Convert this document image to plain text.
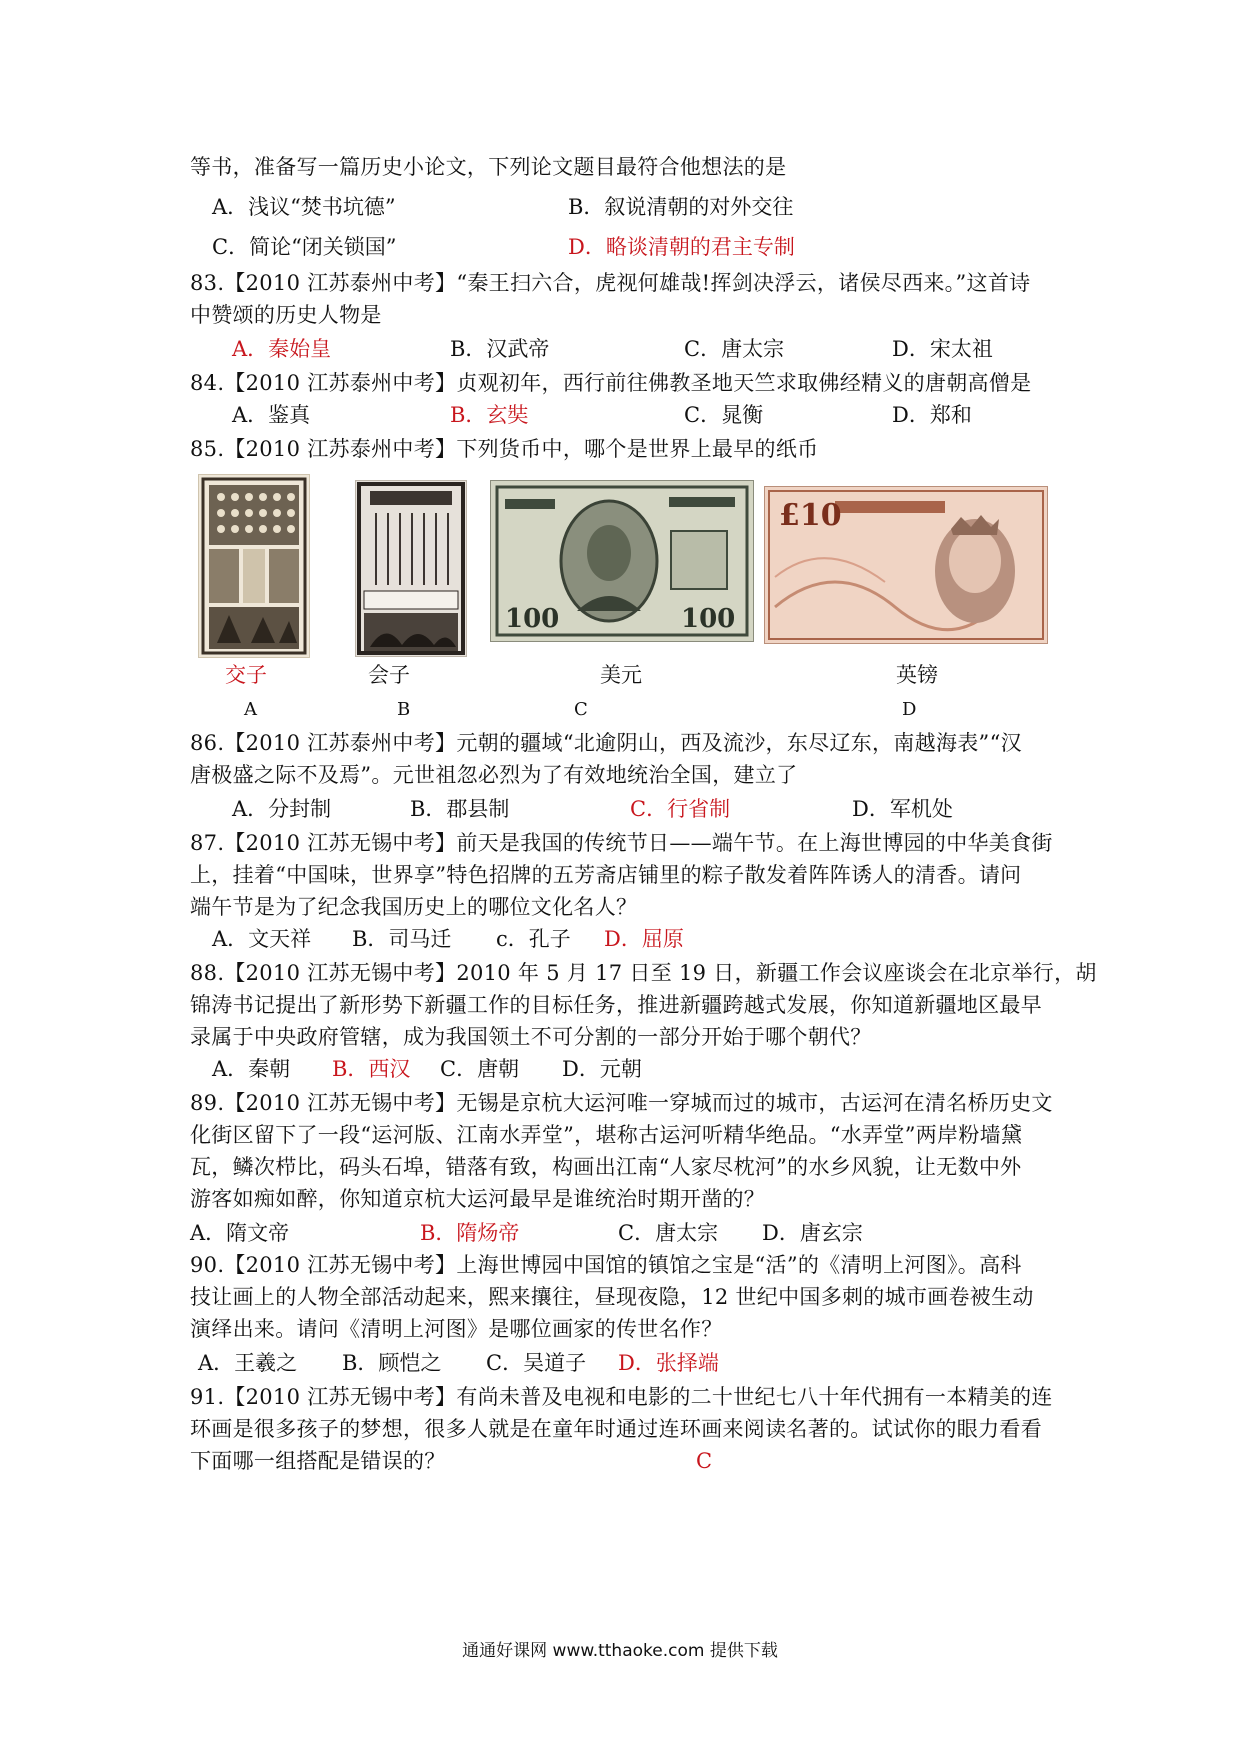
等书，准备写一篇历史小论文，下列论文题目最符合他想法的是
A．浅议“焚书坑德”	B．叙说清朝的对外交往
C．简论“闭关锁国”	D．略谈清朝的君主专制
83.【2010 江苏泰州中考】“秦王扫六合，虎视何雄哉!挥剑决浮云，诸侯尽西来。”这首诗
中赞颂的历史人物是
A．秦始皇	B．汉武帝	C．唐太宗	D．宋太祖
84.【2010 江苏泰州中考】贞观初年，西行前往佛教圣地天竺求取佛经精义的唐朝高僧是
A．鉴真	B．玄奘	C．晁衡	D．郑和
85.【2010 江苏泰州中考】下列货币中，哪个是世界上最早的纸币
100	100
£10
交子	会子	美元	英镑
A	B	C	D
86.【2010 江苏泰州中考】元朝的疆域“北逾阴山，西及流沙，东尽辽东，南越海表”“汉
唐极盛之际不及焉”。元世祖忽必烈为了有效地统治全国，建立了
A．分封制	B．郡县制	C．行省制	D．军机处
87.【2010 江苏无锡中考】前天是我国的传统节日——端午节。在上海世博园的中华美食街
上，挂着“中国味，世界享”特色招牌的五芳斋店铺里的粽子散发着阵阵诱人的清香。请问
端午节是为了纪念我国历史上的哪位文化名人？
A．文天祥 B．司马迁 c．孔子 D．屈原
88.【2010 江苏无锡中考】2010 年 5 月 17 日至 19 日，新疆工作会议座谈会在北京举行，胡
锦涛书记提出了新形势下新疆工作的目标任务，推进新疆跨越式发展，你知道新疆地区最早
录属于中央政府管辖，成为我国领土不可分割的一部分开始于哪个朝代？
A．秦朝 B．西汉 C．唐朝 D．元朝
89.【2010 江苏无锡中考】无锡是京杭大运河唯一穿城而过的城市，古运河在清名桥历史文
化街区留下了一段“运河版、江南水弄堂”，堪称古运河听精华绝品。“水弄堂”两岸粉墙黛
瓦，鳞次栉比，码头石埠，错落有致，构画出江南“人家尽枕河”的水乡风貌，让无数中外
游客如痴如醉，你知道京杭大运河最早是谁统治时期开凿的？
A．隋文帝	B．隋炀帝	C．唐太宗 D．唐玄宗
90.【2010 江苏无锡中考】上海世博园中国馆的镇馆之宝是“活”的《清明上河图》。高科
技让画上的人物全部活动起来，熙来攘往，昼现夜隐，12 世纪中国多刺的城市画卷被生动
演绎出来。请问《清明上河图》是哪位画家的传世名作？
A．王羲之 B．顾恺之 C．吴道子 D．张择端
91.【2010 江苏无锡中考】有尚未普及电视和电影的二十世纪七八十年代拥有一本精美的连
环画是很多孩子的梦想，很多人就是在童年时通过连环画来阅读名著的。试试你的眼力看看
下面哪一组搭配是错误的？	C
通通好课网 www.tthaoke.com 提供下载
